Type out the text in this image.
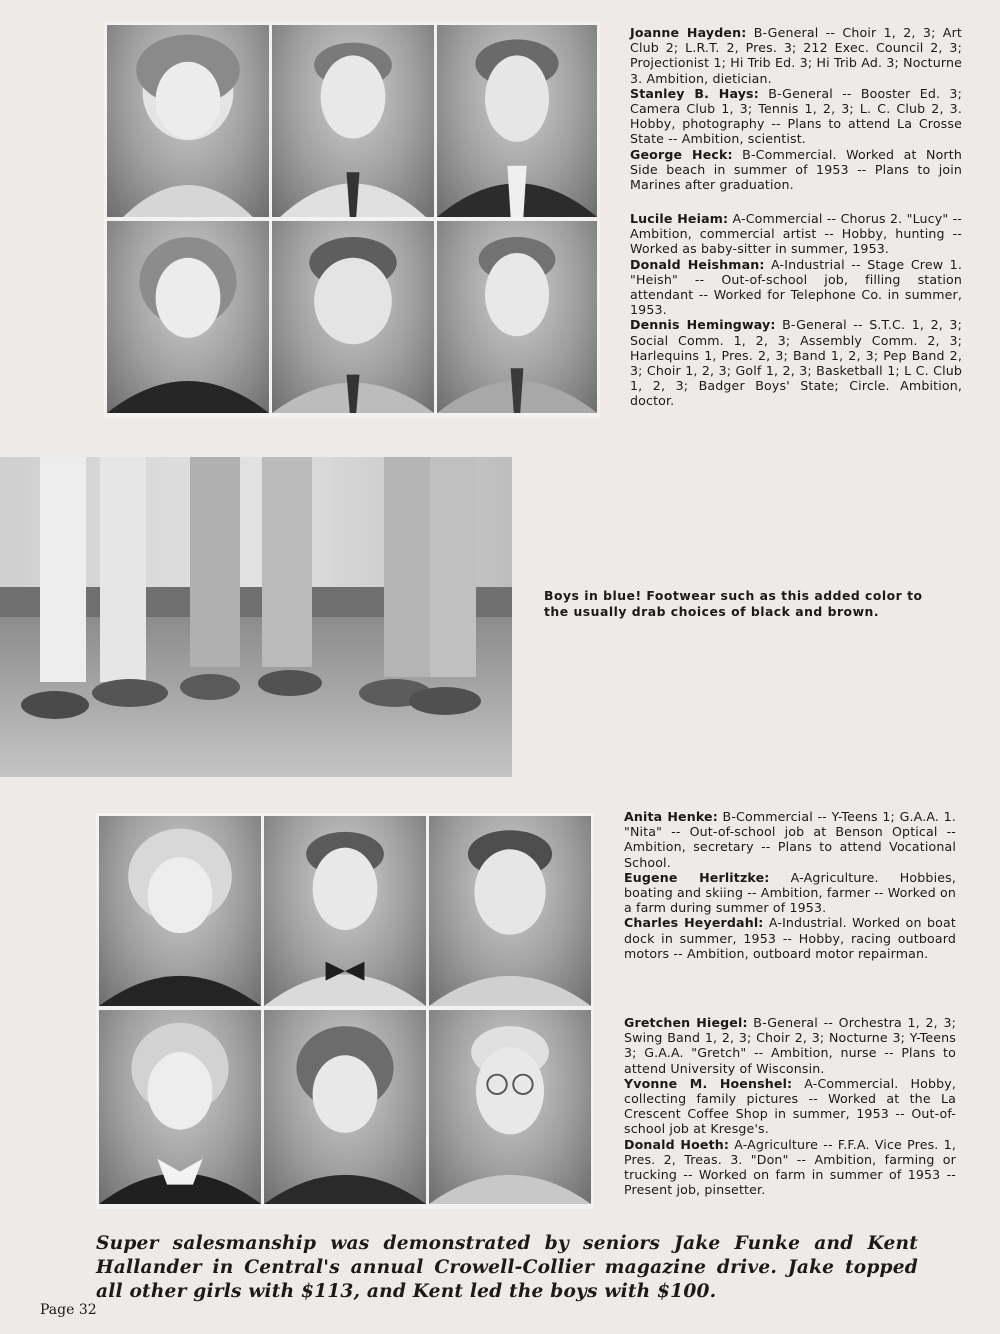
Joanne Hayden: B-General -- Choir 1, 2, 3; Art Club 2; L.R.T. 2, Pres. 3; 212 Exec. Council 2, 3; Projectionist 1; Hi Trib Ed. 3; Hi Trib Ad. 3; Nocturne 3. Ambition, dietician.

Stanley B. Hays: B-General -- Booster Ed. 3; Camera Club 1, 3; Tennis 1, 2, 3; L. C. Club 2, 3. Hobby, photography -- Plans to attend La Crosse State -- Ambition, scientist.

George Heck: B-Commercial. Worked at North Side beach in summer of 1953 -- Plans to join Marines after graduation.

Lucile Heiam: A-Commercial -- Chorus 2. "Lucy" -- Ambition, commercial artist -- Hobby, hunting -- Worked as baby-sitter in summer, 1953.

Donald Heishman: A-Industrial -- Stage Crew 1. "Heish" -- Out-of-school job, filling station attendant -- Worked for Telephone Co. in summer, 1953.

Dennis Hemingway: B-General -- S.T.C. 1, 2, 3; Social Comm. 1, 2, 3; Assembly Comm. 2, 3; Harlequins 1, Pres. 2, 3; Band 1, 2, 3; Pep Band 2, 3; Choir 1, 2, 3; Golf 1, 2, 3; Basketball 1; L C. Club 1, 2, 3; Badger Boys' State; Circle. Ambition, doctor.

Boys in blue! Footwear such as this added color to the usually drab choices of black and brown.

Anita Henke: B-Commercial -- Y-Teens 1; G.A.A. 1. "Nita" -- Out-of-school job at Benson Optical -- Ambition, secretary -- Plans to attend Vocational School.

Eugene Herlitzke: A-Agriculture. Hobbies, boating and skiing -- Ambition, farmer -- Worked on a farm during summer of 1953.

Charles Heyerdahl: A-Industrial. Worked on boat dock in summer, 1953 -- Hobby, racing outboard motors -- Ambition, outboard motor repairman.

Gretchen Hiegel: B-General -- Orchestra 1, 2, 3; Swing Band 1, 2, 3; Choir 2, 3; Nocturne 3; Y-Teens 3; G.A.A. "Gretch" -- Ambition, nurse -- Plans to attend University of Wisconsin.

Yvonne M. Hoenshel: A-Commercial. Hobby, collecting family pictures -- Worked at the La Crescent Coffee Shop in summer, 1953 -- Out-of-school job at Kresge's.

Donald Hoeth: A-Agriculture -- F.F.A. Vice Pres. 1, Pres. 2, Treas. 3. "Don" -- Ambition, farming or trucking -- Worked on farm in summer of 1953 -- Present job, pinsetter.

Super salesmanship was demonstrated by seniors Jake Funke and Kent Hallander in Central's annual Crowell-Collier magazine drive. Jake topped all other girls with $113, and Kent led the boys with $100.
Page 32
